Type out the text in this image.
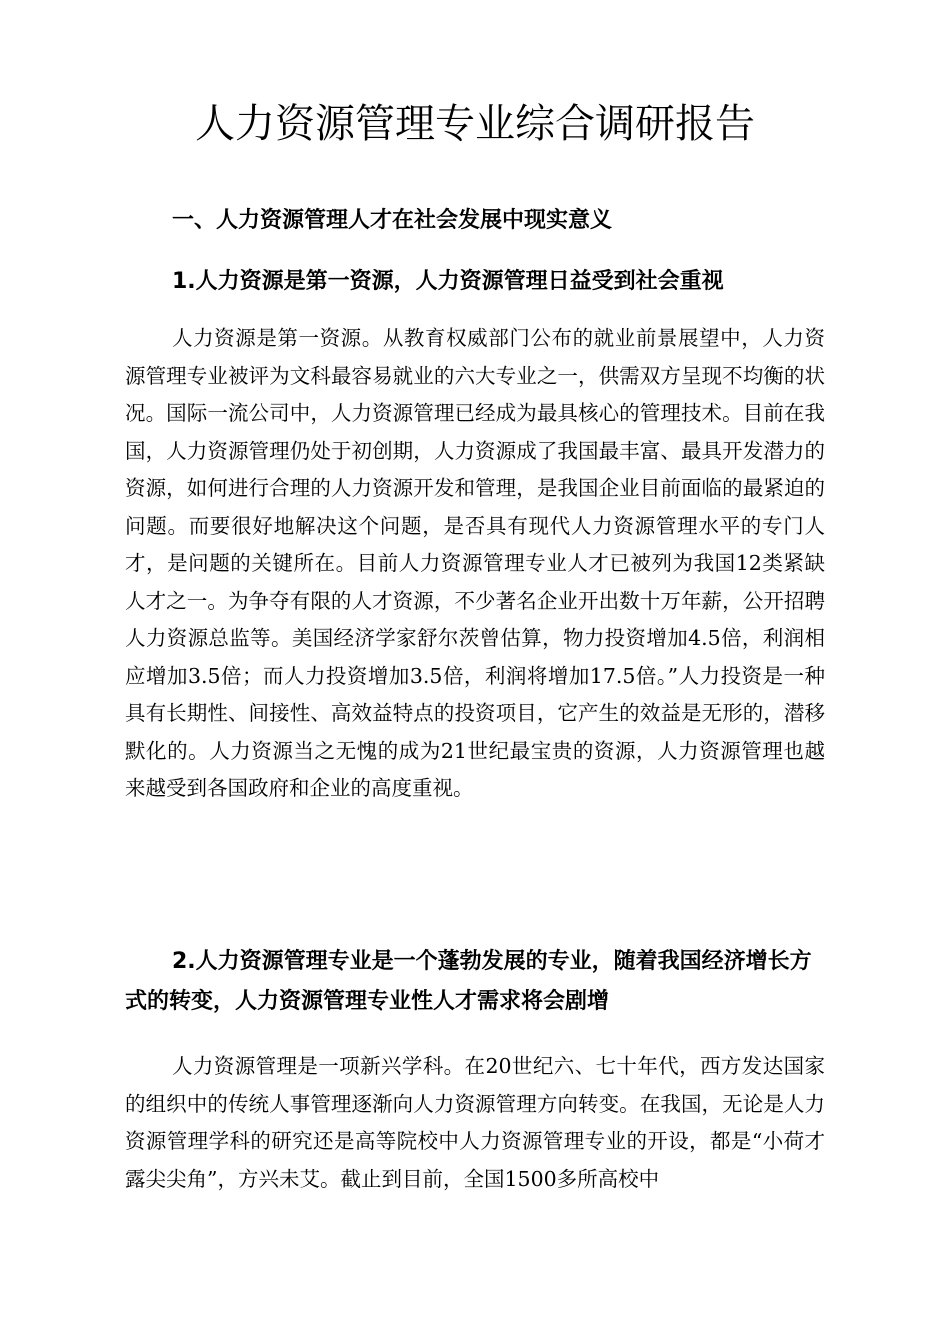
人力资源管理专业综合调研报告
一、人力资源管理人才在社会发展中现实意义
1.人力资源是第一资源，人力资源管理日益受到社会重视

人力资源是第一资源。从教育权威部门公布的就业前景展望中，人力资源管理专业被评为文科最容易就业的六大专业之一，供需双方呈现不均衡的状况。国际一流公司中，人力资源管理已经成为最具核心的管理技术。目前在我国，人力资源管理仍处于初创期，人力资源成了我国最丰富、最具开发潜力的资源，如何进行合理的人力资源开发和管理，是我国企业目前面临的最紧迫的问题。而要很好地解决这个问题，是否具有现代人力资源管理水平的专门人才，是问题的关键所在。目前人力资源管理专业人才已被列为我国12类紧缺人才之一。为争夺有限的人才资源，不少著名企业开出数十万年薪，公开招聘人力资源总监等。美国经济学家舒尔茨曾估算，物力投资增加4.5倍，利润相应增加3.5倍；而人力投资增加3.5倍，利润将增加17.5倍。”人力投资是一种具有长期性、间接性、高效益特点的投资项目，它产生的效益是无形的，潜移默化的。人力资源当之无愧的成为21世纪最宝贵的资源，人力资源管理也越来越受到各国政府和企业的高度重视。

2.人力资源管理专业是一个蓬勃发展的专业，随着我国经济增长方式的转变，人力资源管理专业性人才需求将会剧增

人力资源管理是一项新兴学科。在20世纪六、七十年代，西方发达国家的组织中的传统人事管理逐渐向人力资源管理方向转变。在我国，无论是人力资源管理学科的研究还是高等院校中人力资源管理专业的开设，都是“小荷才露尖尖角”，方兴未艾。截止到目前，全国1500多所高校中
